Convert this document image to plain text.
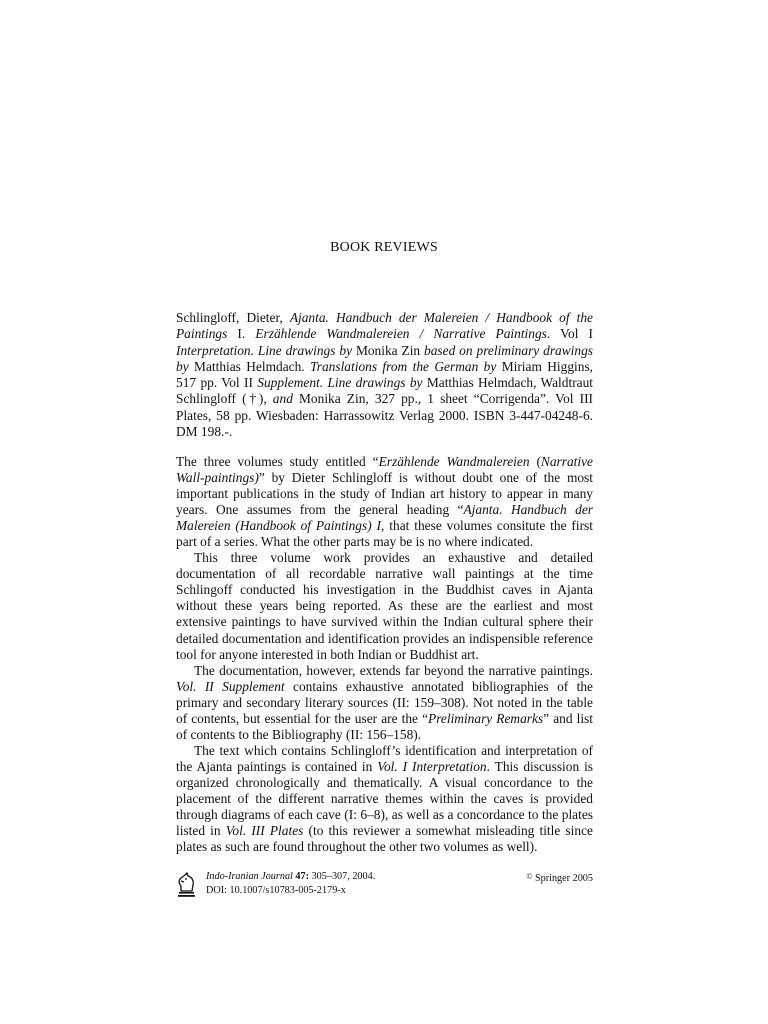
BOOK REVIEWS
Schlingloff, Dieter, Ajanta. Handbuch der Malereien / Handbook of the Paintings I. Erzählende Wandmalereien / Narrative Paintings. Vol I Interpretation. Line drawings by Monika Zin based on preliminary drawings by Matthias Helmdach. Translations from the German by Miriam Higgins, 517 pp. Vol II Supplement. Line drawings by Matthias Helmdach, Waldtraut Schlingloff (†), and Monika Zin, 327 pp., 1 sheet “Corrigenda”. Vol III Plates, 58 pp. Wiesbaden: Harrassowitz Verlag 2000. ISBN 3-447-04248-6. DM 198.-.

The three volumes study entitled “Erzählende Wandmalereien (Narrative Wall-paintings)” by Dieter Schlingloff is without doubt one of the most important publications in the study of Indian art history to appear in many years. One assumes from the general heading “Ajanta. Handbuch der Malereien (Handbook of Paintings) I, that these volumes consitute the first part of a series. What the other parts may be is no where indicated.

This three volume work provides an exhaustive and detailed documentation of all recordable narrative wall paintings at the time Schlingoff conducted his investigation in the Buddhist caves in Ajanta without these years being reported. As these are the earliest and most extensive paintings to have survived within the Indian cultural sphere their detailed documentation and identification provides an indispensible reference tool for anyone interested in both Indian or Buddhist art.

The documentation, however, extends far beyond the narrative paintings. Vol. II Supplement contains exhaustive annotated bibliographies of the primary and secondary literary sources (II: 159–308). Not noted in the table of contents, but essential for the user are the “Preliminary Remarks” and list of contents to the Bibliography (II: 156–158).

The text which contains Schlingloff’s identification and interpretation of the Ajanta paintings is contained in Vol. I Interpretation. This discussion is organized chronologically and thematically. A visual concordance to the placement of the different narrative themes within the caves is provided through diagrams of each cave (I: 6–8), as well as a concordance to the plates listed in Vol. III Plates (to this reviewer a somewhat misleading title since plates as such are found throughout the other two volumes as well).

Indo-Iranian Journal 47: 305–307, 2004.
DOI: 10.1007/s10783-005-2179-x
© Springer 2005
